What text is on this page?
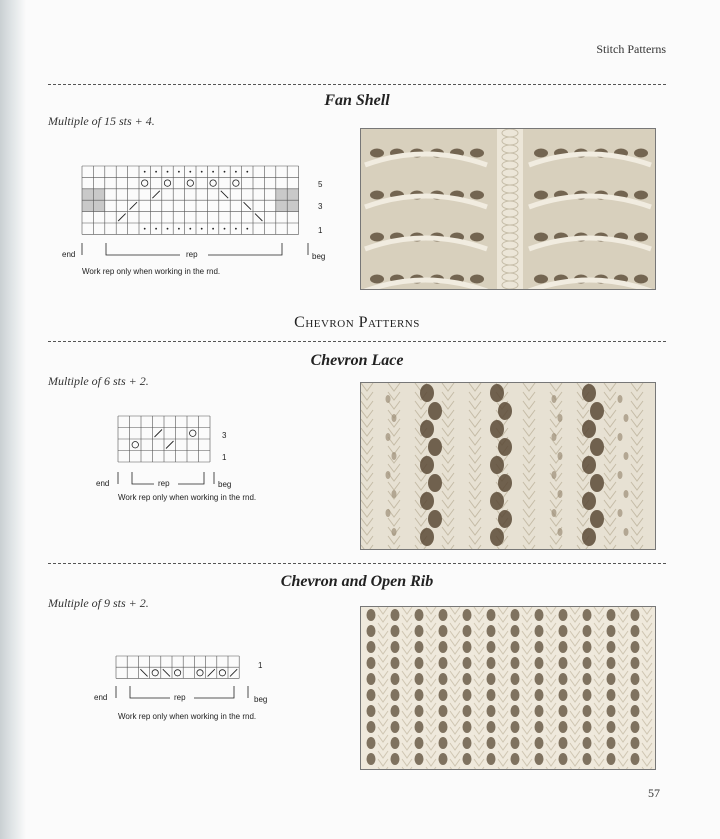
Stitch Patterns
Fan Shell
Multiple of 15 sts + 4.
5
3
1
end	rep	beg
Work rep only when working in the rnd.
Chevron Patterns
Chevron Lace
Multiple of 6 sts + 2.
3
1
end	rep	beg
Work rep only when working in the rnd.
Chevron and Open Rib
Multiple of 9 sts + 2.
1
end	rep	beg
Work rep only when working in the rnd.
57
